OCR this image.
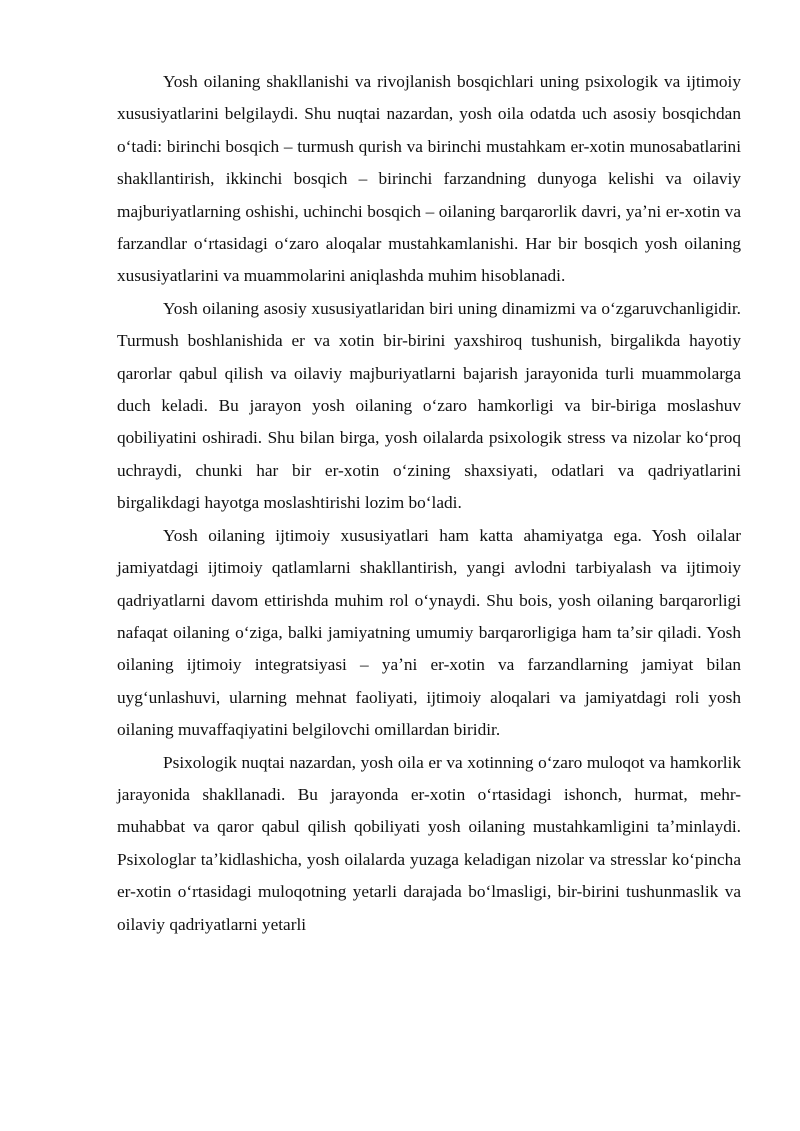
Yosh oilaning shakllanishi va rivojlanish bosqichlari uning psixologik va ijtimoiy xususiyatlarini belgilaydi. Shu nuqtai nazardan, yosh oila odatda uch asosiy bosqichdan oʻtadi: birinchi bosqich – turmush qurish va birinchi mustahkam er-xotin munosabatlarini shakllantirish, ikkinchi bosqich – birinchi farzandning dunyoga kelishi va oilaviy majburiyatlarning oshishi, uchinchi bosqich – oilaning barqarorlik davri, yaʼni er-xotin va farzandlar oʻrtasidagi oʻzaro aloqalar mustahkamlanishi. Har bir bosqich yosh oilaning xususiyatlarini va muammolarini aniqlashda muhim hisoblanadi.

Yosh oilaning asosiy xususiyatlaridan biri uning dinamizmi va oʻzgaruvchanligidir. Turmush boshlanishida er va xotin bir-birini yaxshiroq tushunish, birgalikda hayotiy qarorlar qabul qilish va oilaviy majburiyatlarni bajarish jarayonida turli muammolarga duch keladi. Bu jarayon yosh oilaning oʻzaro hamkorligi va bir-biriga moslashuv qobiliyatini oshiradi. Shu bilan birga, yosh oilalarda psixologik stress va nizolar koʻproq uchraydi, chunki har bir er-xotin oʻzining shaxsiyati, odatlari va qadriyatlarini birgalikdagi hayotga moslashtirishi lozim boʻladi.

Yosh oilaning ijtimoiy xususiyatlari ham katta ahamiyatga ega. Yosh oilalar jamiyatdagi ijtimoiy qatlamlarni shakllantirish, yangi avlodni tarbiyalash va ijtimoiy qadriyatlarni davom ettirishda muhim rol oʻynaydi. Shu bois, yosh oilaning barqarorligi nafaqat oilaning oʻziga, balki jamiyatning umumiy barqarorligiga ham taʼsir qiladi. Yosh oilaning ijtimoiy integratsiyasi – yaʼni er-xotin va farzandlarning jamiyat bilan uygʻunlashuvi, ularning mehnat faoliyati, ijtimoiy aloqalari va jamiyatdagi roli yosh oilaning muvaffaqiyatini belgilovchi omillardan biridir.

Psixologik nuqtai nazardan, yosh oila er va xotinning oʻzaro muloqot va hamkorlik jarayonida shakllanadi. Bu jarayonda er-xotin oʻrtasidagi ishonch, hurmat, mehr-muhabbat va qaror qabul qilish qobiliyati yosh oilaning mustahkamligini taʼminlaydi. Psixologlar taʼkidlashicha, yosh oilalarda yuzaga keladigan nizolar va stresslar koʻpincha er-xotin oʻrtasidagi muloqotning yetarli darajada boʻlmasligi, bir-birini tushunmaslik va oilaviy qadriyatlarni yetarli
